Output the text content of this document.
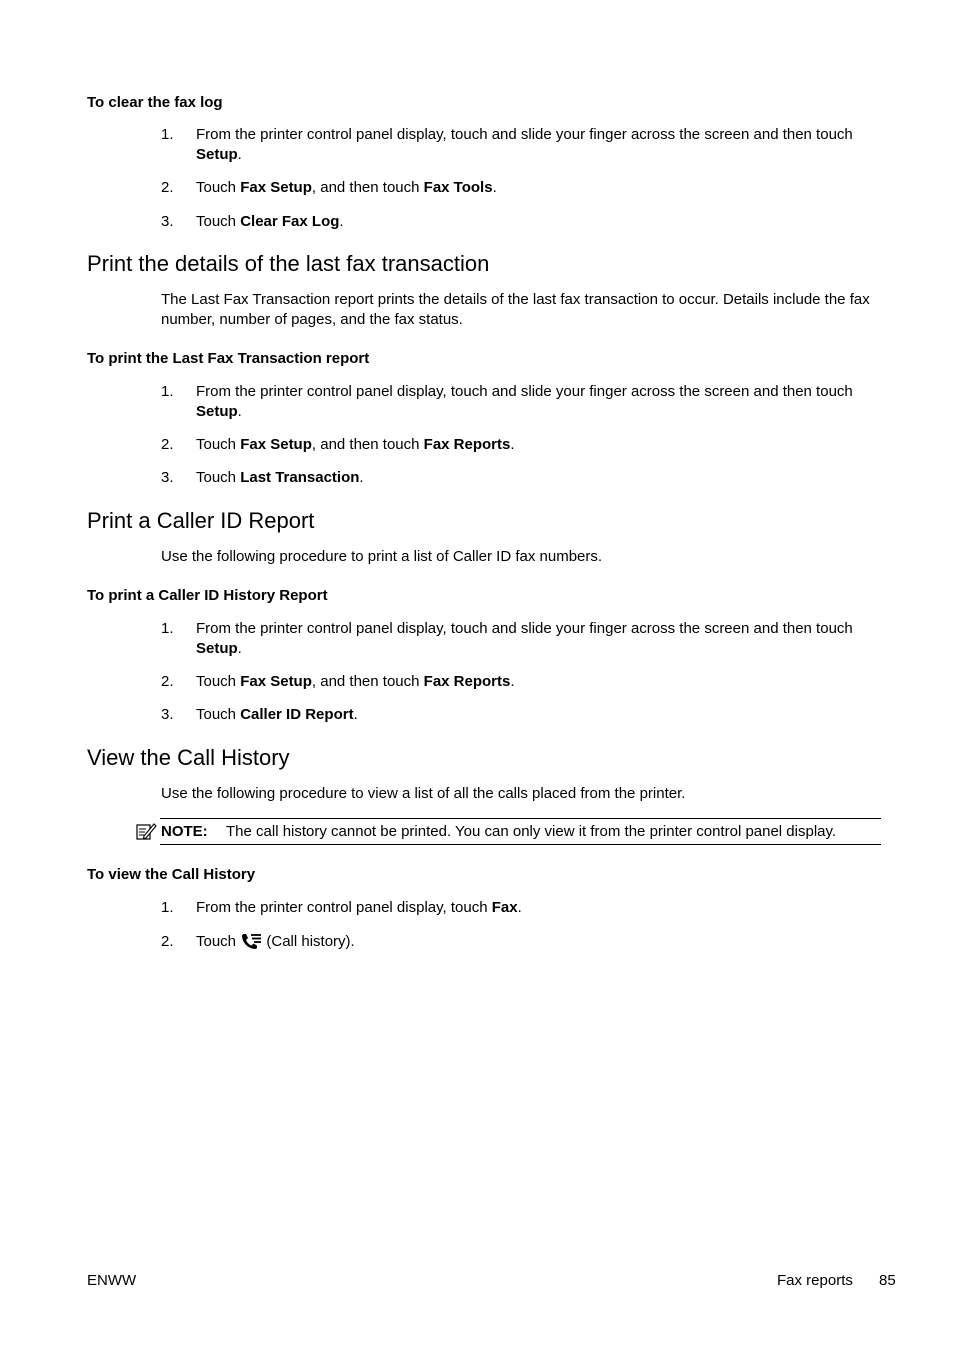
To clear the fax log
1.	From the printer control panel display, touch and slide your finger across the screen and then touch Setup.
2.	Touch Fax Setup, and then touch Fax Tools.
3.	Touch Clear Fax Log.
Print the details of the last fax transaction

The Last Fax Transaction report prints the details of the last fax transaction to occur. Details include the fax number, number of pages, and the fax status.

To print the Last Fax Transaction report
1.	From the printer control panel display, touch and slide your finger across the screen and then touch Setup.
2.	Touch Fax Setup, and then touch Fax Reports.
3.	Touch Last Transaction.
Print a Caller ID Report

Use the following procedure to print a list of Caller ID fax numbers.

To print a Caller ID History Report
1.	From the printer control panel display, touch and slide your finger across the screen and then touch Setup.
2.	Touch Fax Setup, and then touch Fax Reports.
3.	Touch Caller ID Report.
View the Call History

Use the following procedure to view a list of all the calls placed from the printer.

NOTE: The call history cannot be printed. You can only view it from the printer control panel display.
To view the Call History
1.	From the printer control panel display, touch Fax.
2.	Touch  (Call history).
ENWW	Fax reports 85
